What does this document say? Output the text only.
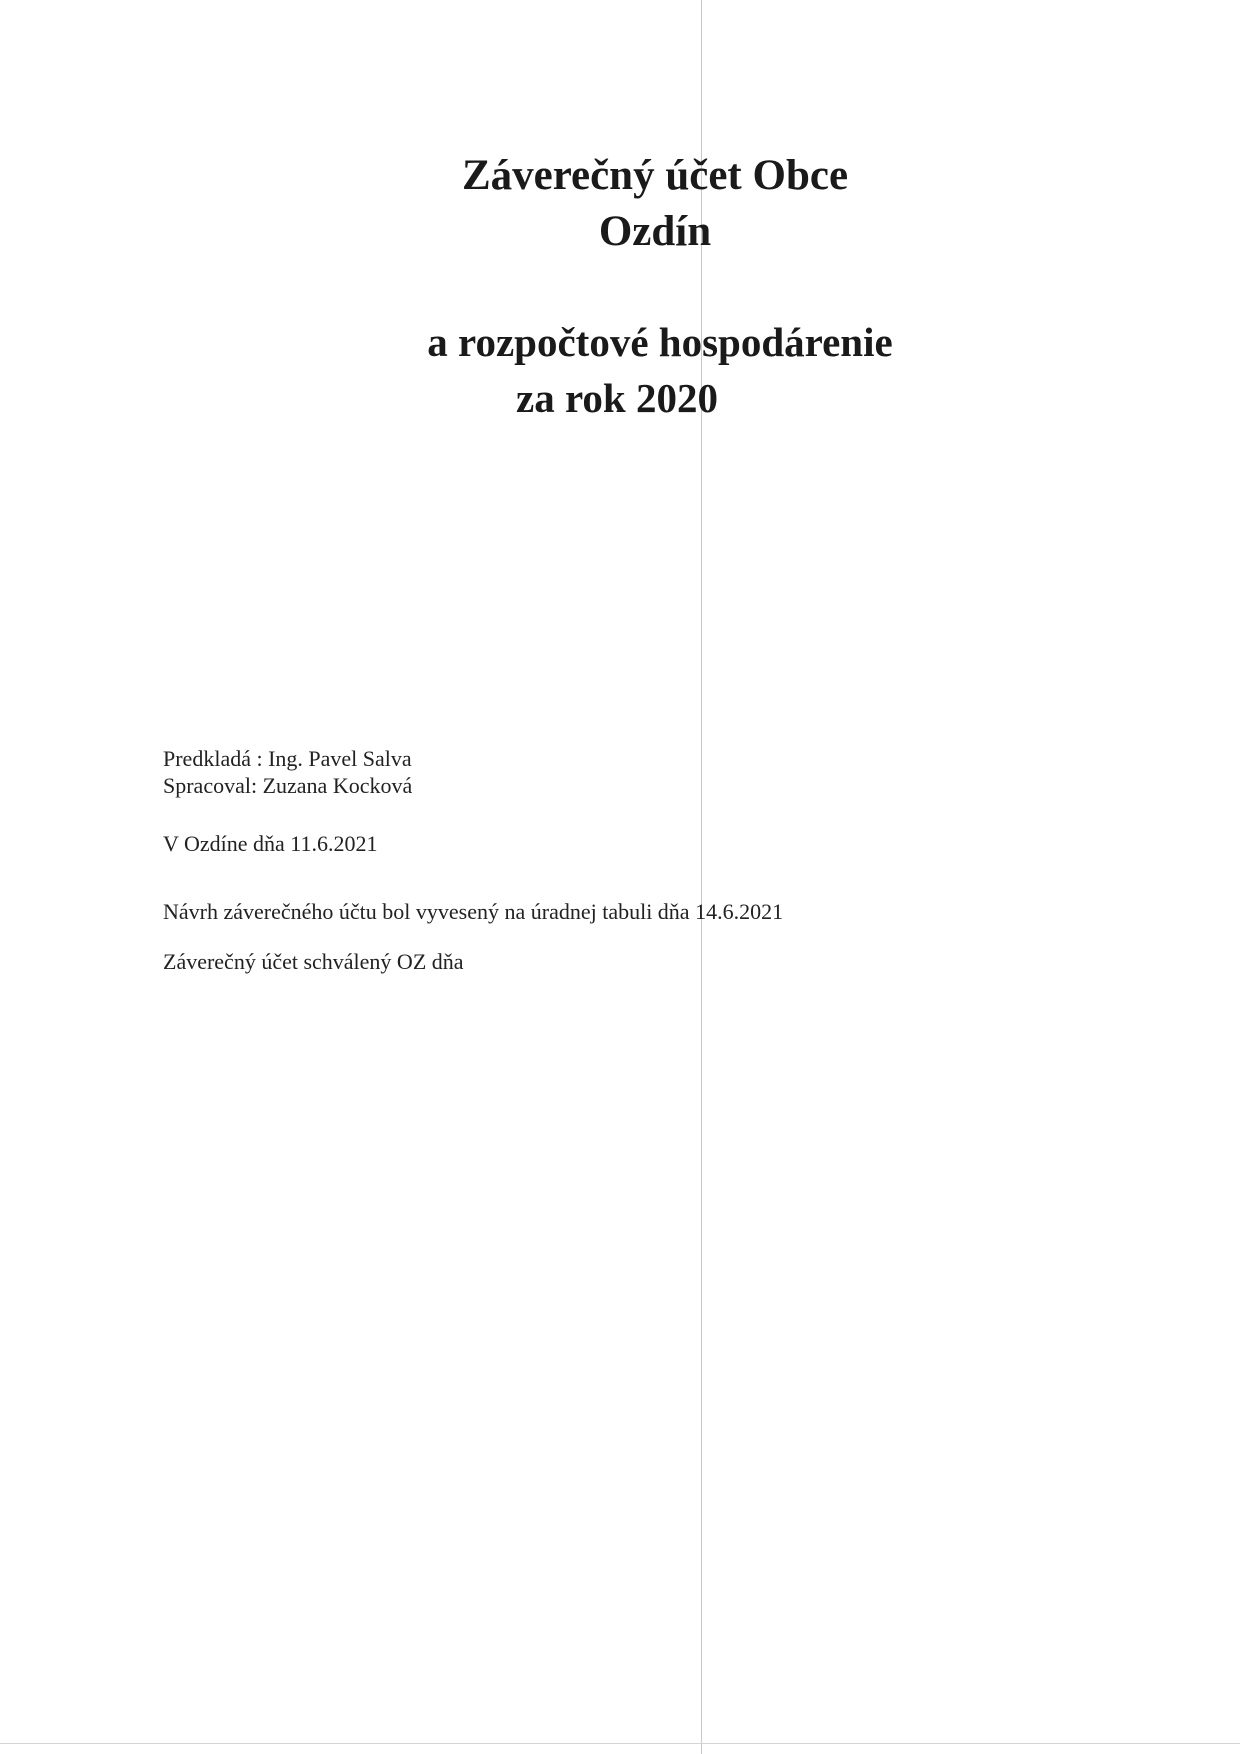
Záverečný účet Obce
Ozdín
a rozpočtové hospodárenie
za rok 2020
Predkladá : Ing. Pavel Salva
Spracoval: Zuzana Kocková
V Ozdíne dňa 11.6.2021
Návrh záverečného účtu bol vyvesený na úradnej tabuli dňa 14.6.2021
Záverečný účet schválený OZ dňa
